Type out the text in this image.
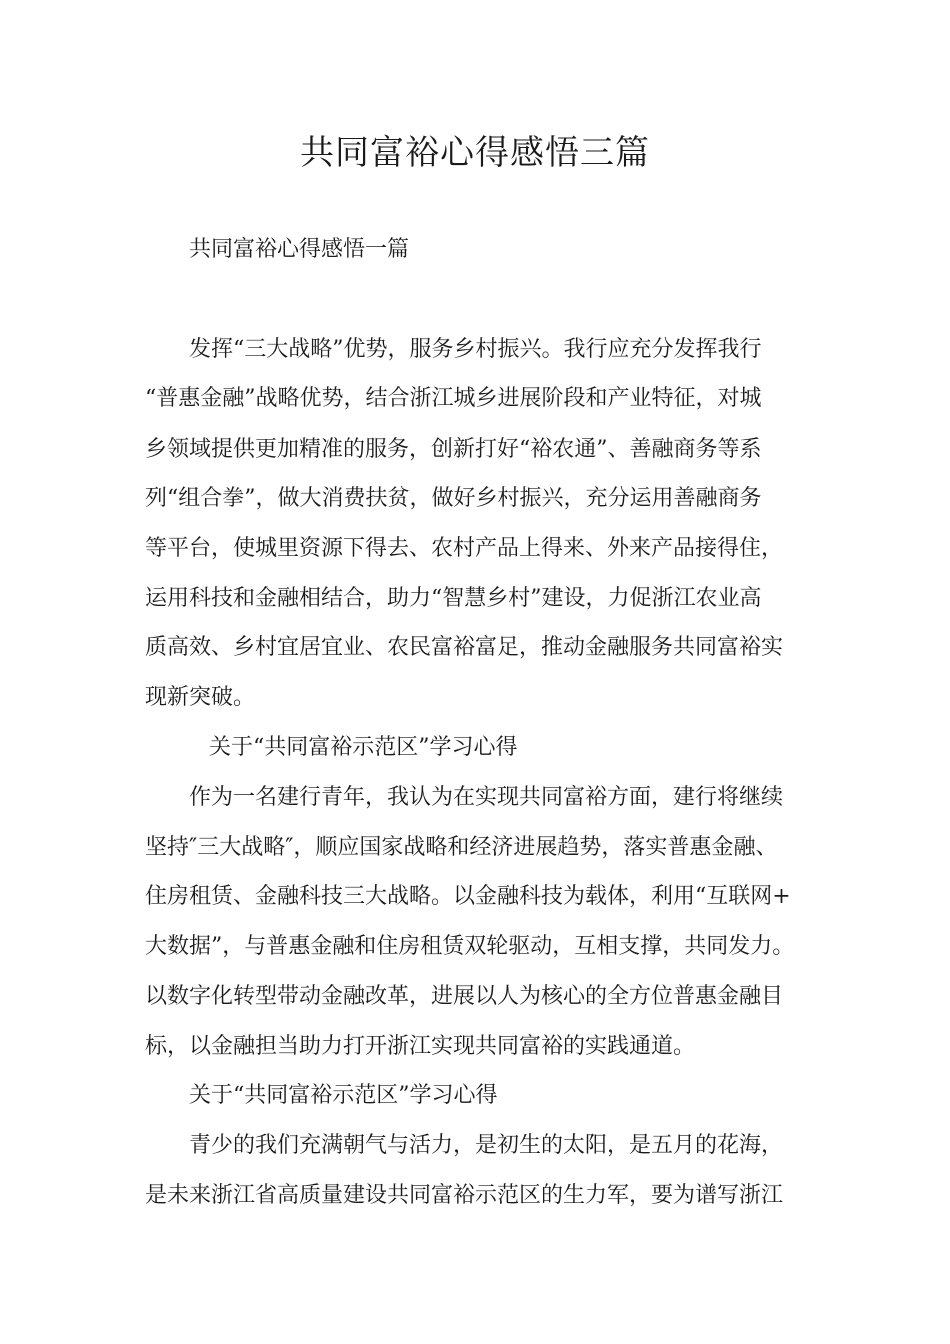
共同富裕心得感悟三篇

共同富裕心得感悟一篇

发挥“三大战略”优势，服务乡村振兴。我行应充分发挥我行

“普惠金融”战略优势，结合浙江城乡进展阶段和产业特征，对城

乡领域提供更加精准的服务，创新打好“裕农通”、善融商务等系

列“组合拳”，做大消费扶贫，做好乡村振兴，充分运用善融商务

等平台，使城里资源下得去、农村产品上得来、外来产品接得住，

运用科技和金融相结合，助力“智慧乡村”建设，力促浙江农业高

质高效、乡村宜居宜业、农民富裕富足，推动金融服务共同富裕实

现新突破。

关于“共同富裕示范区”学习心得

作为一名建行青年，我认为在实现共同富裕方面，建行将继续

坚持″三大战略″，顺应国家战略和经济进展趋势，落实普惠金融、

住房租赁、金融科技三大战略。以金融科技为载体，利用“互联网+

大数据”，与普惠金融和住房租赁双轮驱动，互相支撑，共同发力。

以数字化转型带动金融改革，进展以人为核心的全方位普惠金融目

标，以金融担当助力打开浙江实现共同富裕的实践通道。

关于“共同富裕示范区”学习心得

青少的我们充满朝气与活力，是初生的太阳，是五月的花海，

是未来浙江省高质量建设共同富裕示范区的生力军，要为谱写浙江
